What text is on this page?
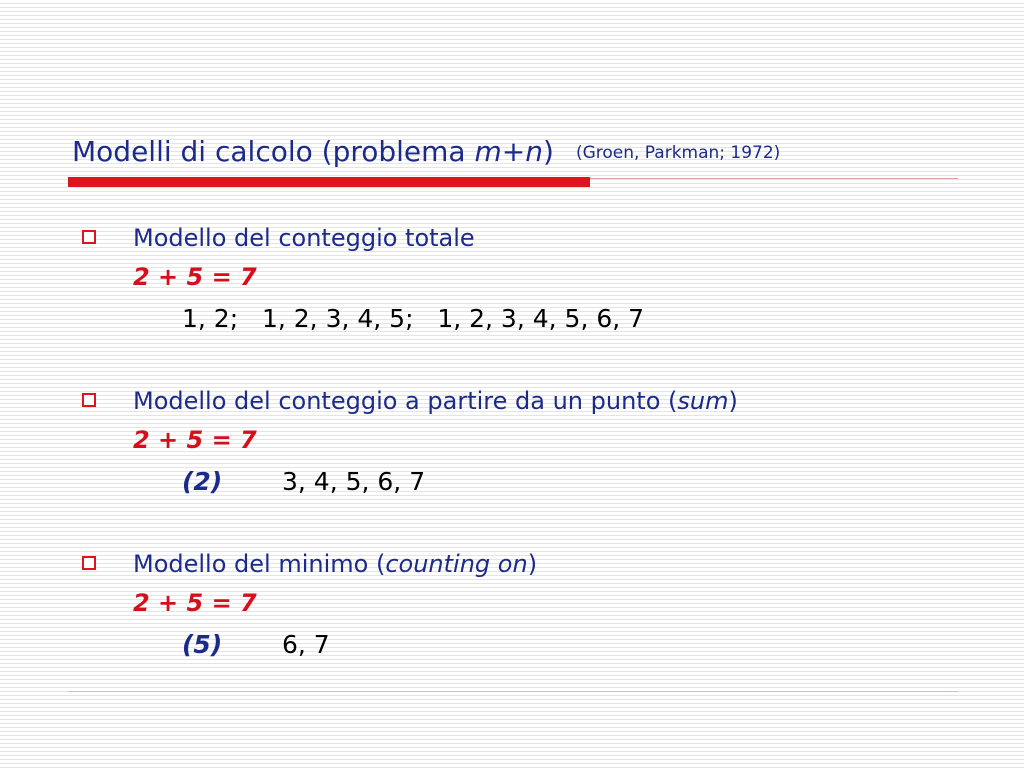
Modelli di calcolo (problema m+n) (Groen, Parkman; 1972)
Modello del conteggio totale
2 + 5 = 7
1, 2;   1, 2, 3, 4, 5;   1, 2, 3, 4, 5, 6, 7
Modello del conteggio a partire da un punto (sum)
2 + 5 = 7
(2) 3, 4, 5, 6, 7
Modello del minimo (counting on)
2 + 5 = 7
(5) 6, 7
